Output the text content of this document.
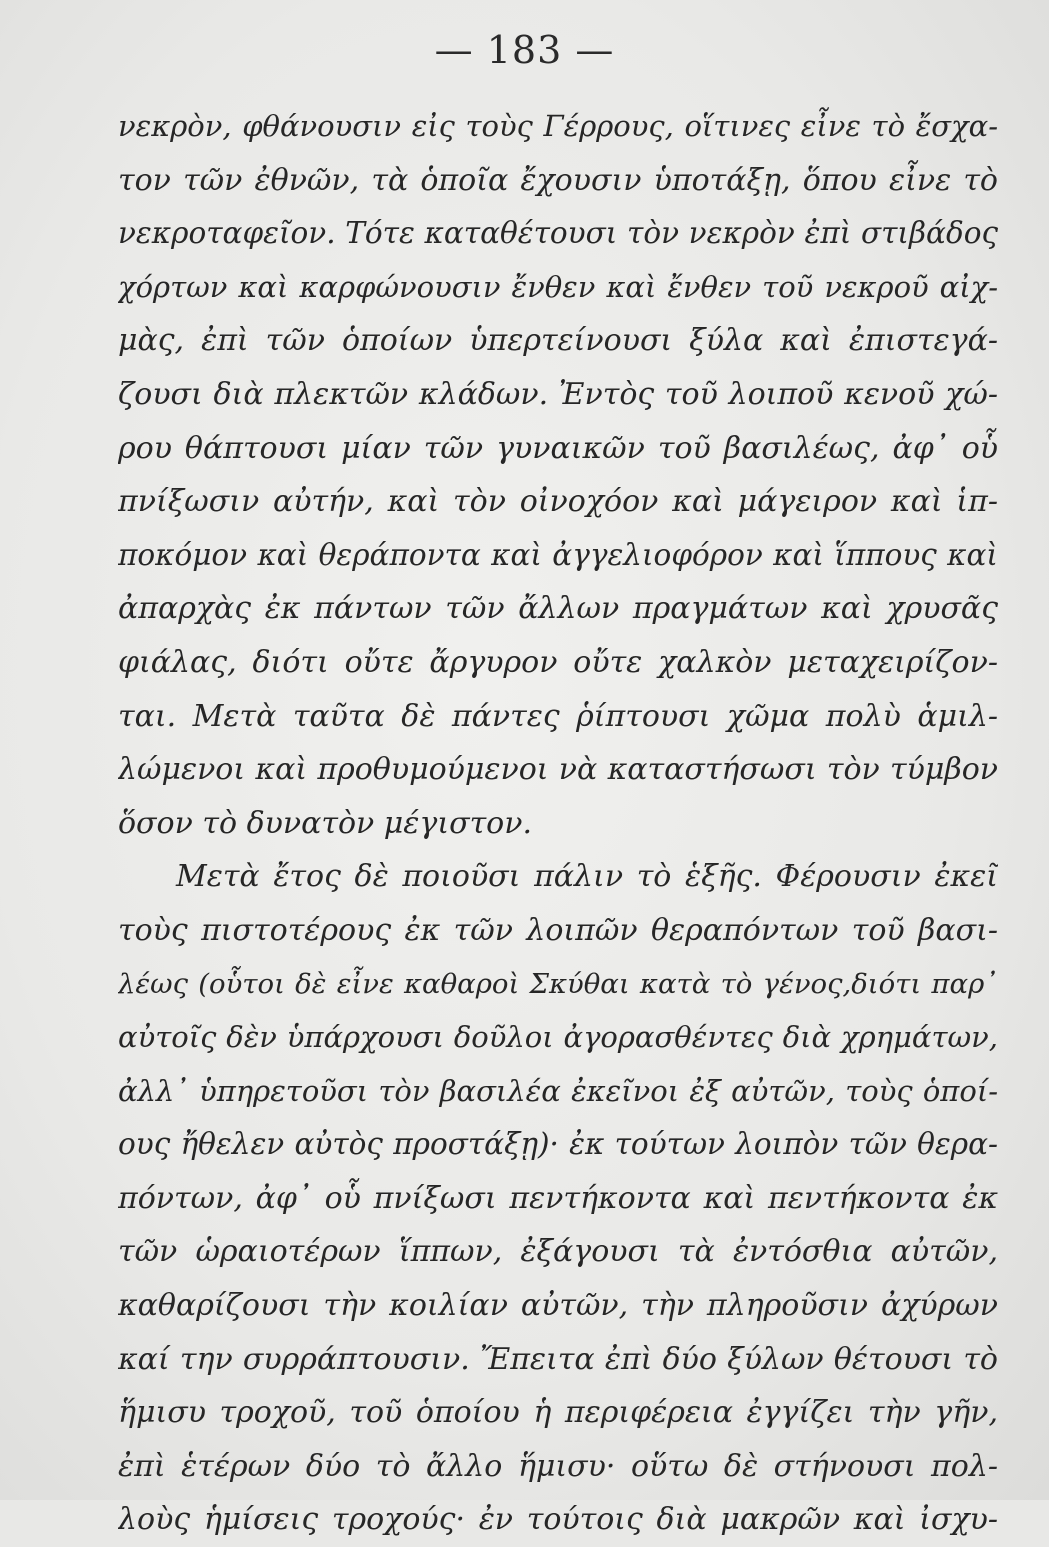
— 183 —
νεκρὸν, φθάνουσιν εἰς τοὺς Γέρρους, οἵτινες εἶνε τὸ ἔσχα-
τον τῶν ἐθνῶν, τὰ ὁποῖα ἔχουσιν ὑποτάξῃ, ὅπου εἶνε τὸ
νεκροταφεῖον. Τότε καταθέτουσι τὸν νεκρὸν ἐπὶ στιβάδος
χόρτων καὶ καρφώνουσιν ἔνθεν καὶ ἔνθεν τοῦ νεκροῦ αἰχ-
μὰς, ἐπὶ τῶν ὁποίων ὑπερτείνουσι ξύλα καὶ ἐπιστεγά-
ζουσι διὰ πλεκτῶν κλάδων. Ἐντὸς τοῦ λοιποῦ κενοῦ χώ-
ρου θάπτουσι μίαν τῶν γυναικῶν τοῦ βασιλέως, ἀφ᾽ οὗ
πνίξωσιν αὐτήν, καὶ τὸν οἰνοχόον καὶ μάγειρον καὶ ἱπ-
ποκόμον καὶ θεράποντα καὶ ἀγγελιοφόρον καὶ ἵππους καὶ
ἀπαρχὰς ἐκ πάντων τῶν ἄλλων πραγμάτων καὶ χρυσᾶς
φιάλας, διότι οὔτε ἄργυρον οὔτε χαλκὸν μεταχειρίζον-
ται. Μετὰ ταῦτα δὲ πάντες ῥίπτουσι χῶμα πολὺ ἁμιλ-
λώμενοι καὶ προθυμούμενοι νὰ καταστήσωσι τὸν τύμβον
ὅσον τὸ δυνατὸν μέγιστον.
Μετὰ ἔτος δὲ ποιοῦσι πάλιν τὸ ἑξῆς. Φέρουσιν ἐκεῖ
τοὺς πιστοτέρους ἐκ τῶν λοιπῶν θεραπόντων τοῦ βασι-
λέως (οὗτοι δὲ εἶνε καθαροὶ Σκύθαι κατὰ τὸ γένος,διότι παρ᾽
αὐτοῖς δὲν ὑπάρχουσι δοῦλοι ἀγορασθέντες διὰ χρημάτων,
ἀλλ᾽ ὑπηρετοῦσι τὸν βασιλέα ἐκεῖνοι ἐξ αὐτῶν, τοὺς ὁποί-
ους ἤθελεν αὐτὸς προστάξῃ)· ἐκ τούτων λοιπὸν τῶν θερα-
πόντων, ἀφ᾽ οὗ πνίξωσι πεντήκοντα καὶ πεντήκοντα ἐκ
τῶν ὡραιοτέρων ἵππων, ἐξάγουσι τὰ ἐντόσθια αὐτῶν,
καθαρίζουσι τὴν κοιλίαν αὐτῶν, τὴν πληροῦσιν ἀχύρων
καί την συρράπτουσιν. Ἔπειτα ἐπὶ δύο ξύλων θέτουσι τὸ
ἥμισυ τροχοῦ, τοῦ ὁποίου ἡ περιφέρεια ἐγγίζει τὴν γῆν,
ἐπὶ ἑτέρων δύο τὸ ἄλλο ἥμισυ· οὕτω δὲ στήνουσι πολ-
λοὺς ἡμίσεις τροχούς· ἐν τούτοις διὰ μακρῶν καὶ ἰσχυ-
